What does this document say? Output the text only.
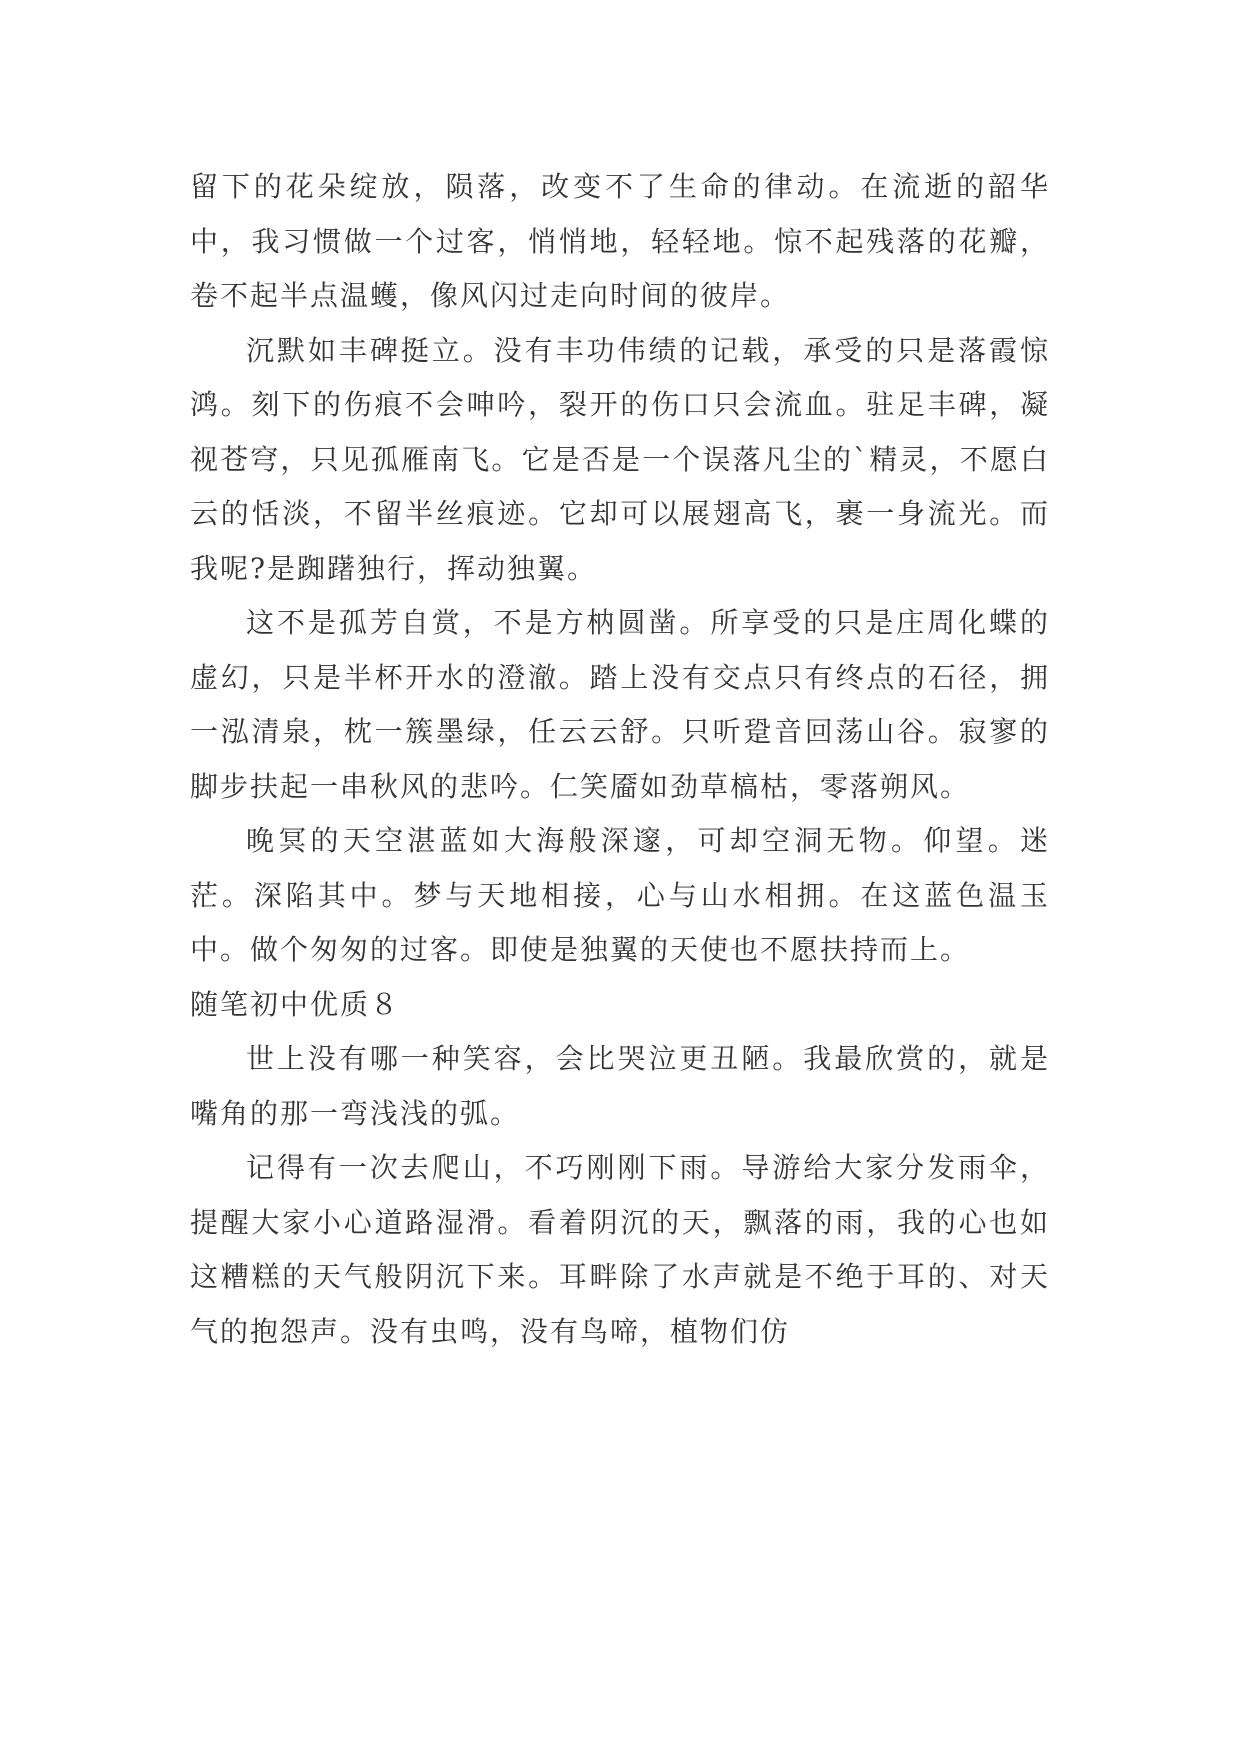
留下的花朵绽放，陨落，改变不了生命的律动。在流逝的韶华中，我习惯做一个过客，悄悄地，轻轻地。惊不起残落的花瓣，卷不起半点温蠖，像风闪过走向时间的彼岸。

沉默如丰碑挺立。没有丰功伟绩的记载，承受的只是落霞惊鸿。刻下的伤痕不会呻吟，裂开的伤口只会流血。驻足丰碑，凝视苍穹，只见孤雁南飞。它是否是一个误落凡尘的`精灵，不愿白云的恬淡，不留半丝痕迹。它却可以展翅高飞，裹一身流光。而我呢?是踟躇独行，挥动独翼。

这不是孤芳自赏，不是方枘圆凿。所享受的只是庄周化蝶的虚幻，只是半杯开水的澄澈。踏上没有交点只有终点的石径，拥一泓清泉，枕一簇墨绿，任云云舒。只听跫音回荡山谷。寂寥的脚步扶起一串秋风的悲吟。仁笑靥如劲草槁枯，零落朔风。

晚冥的天空湛蓝如大海般深邃，可却空洞无物。仰望。迷茫。深陷其中。梦与天地相接，心与山水相拥。在这蓝色温玉中。做个匆匆的过客。即使是独翼的天使也不愿扶持而上。

随笔初中优质８

世上没有哪一种笑容，会比哭泣更丑陋。我最欣赏的，就是嘴角的那一弯浅浅的弧。

记得有一次去爬山，不巧刚刚下雨。导游给大家分发雨伞，提醒大家小心道路湿滑。看着阴沉的天，飘落的雨，我的心也如这糟糕的天气般阴沉下来。耳畔除了水声就是不绝于耳的、对天气的抱怨声。没有虫鸣，没有鸟啼，植物们仿
